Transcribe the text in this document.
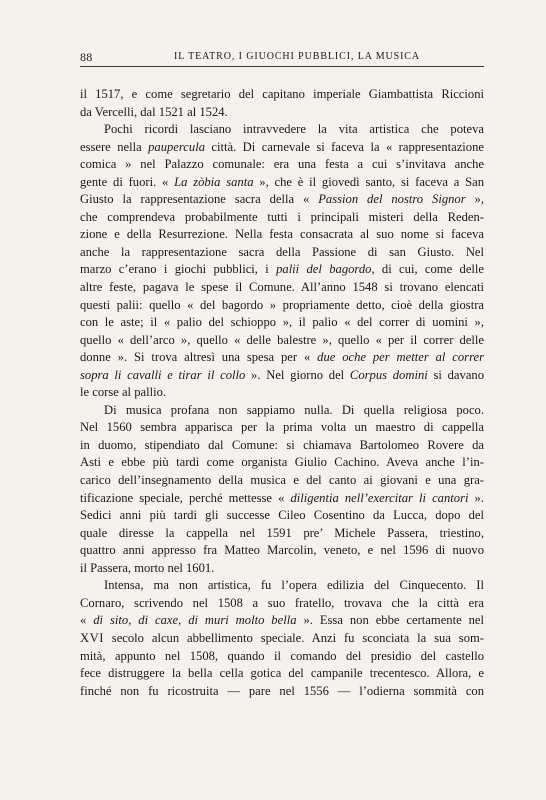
88	IL TEATRO, I GIUOCHI PUBBLICI, LA MUSICA
il 1517, e come segretario del capitano imperiale Giambattista Riccioni
da Vercelli, dal 1521 al 1524.
Pochi ricordi lasciano intravvedere la vita artistica che poteva
essere nella paupercula città. Di carnevale si faceva la « rappresentazione
comica » nel Palazzo comunale: era una festa a cui s’invitava anche
gente di fuori. « La zòbia santa », che è il giovedì santo, si faceva a San
Giusto la rappresentazione sacra della « Passion del nostro Signor »,
che comprendeva probabilmente tutti i principali misteri della Reden-
zione e della Resurrezione. Nella festa consacrata al suo nome si faceva
anche la rappresentazione sacra della Passione di san Giusto. Nel
marzo c’erano i giochi pubblici, i palii del bagordo, di cui, come delle
altre feste, pagava le spese il Comune. All’anno 1548 si trovano elencati
questi palii: quello « del bagordo » propriamente detto, cioè della giostra
con le aste; il « palio del schioppo », il palio « del correr di uomini »,
quello « dell’arco », quello « delle balestre », quello « per il correr delle
donne ». Si trova altresì una spesa per « due oche per metter al correr
sopra li cavalli e tirar il collo ». Nel giorno del Corpus domini si davano
le corse al pallio.
Di musica profana non sappiamo nulla. Di quella religiosa poco.
Nel 1560 sembra apparisca per la prima volta un maestro di cappella
in duomo, stipendiato dal Comune: si chiamava Bartolomeo Rovere da
Asti e ebbe più tardi come organista Giulio Cachino. Aveva anche l’in-
carico dell’insegnamento della musica e del canto ai giovani e una gra-
tificazione speciale, perché mettesse « diligentia nell’exercitar li cantori ».
Sedici anni più tardi gli successe Cileo Cosentino da Lucca, dopo del
quale diresse la cappella nel 1591 pre’ Michele Passera, triestino,
quattro anni appresso fra Matteo Marcolin, veneto, e nel 1596 di nuovo
il Passera, morto nel 1601.
Intensa, ma non artistica, fu l’opera edilizia del Cinquecento. Il
Cornaro, scrivendo nel 1508 a suo fratello, trovava che la città era
« di sito, di caxe, di muri molto bella ». Essa non ebbe certamente nel
XVI secolo alcun abbellimento speciale. Anzi fu sconciata la sua som-
mità, appunto nel 1508, quando il comando del presidio del castello
fece distruggere la bella cella gotica del campanile trecentesco. Allora, e
finché non fu ricostruita — pare nel 1556 — l’odierna sommità con
